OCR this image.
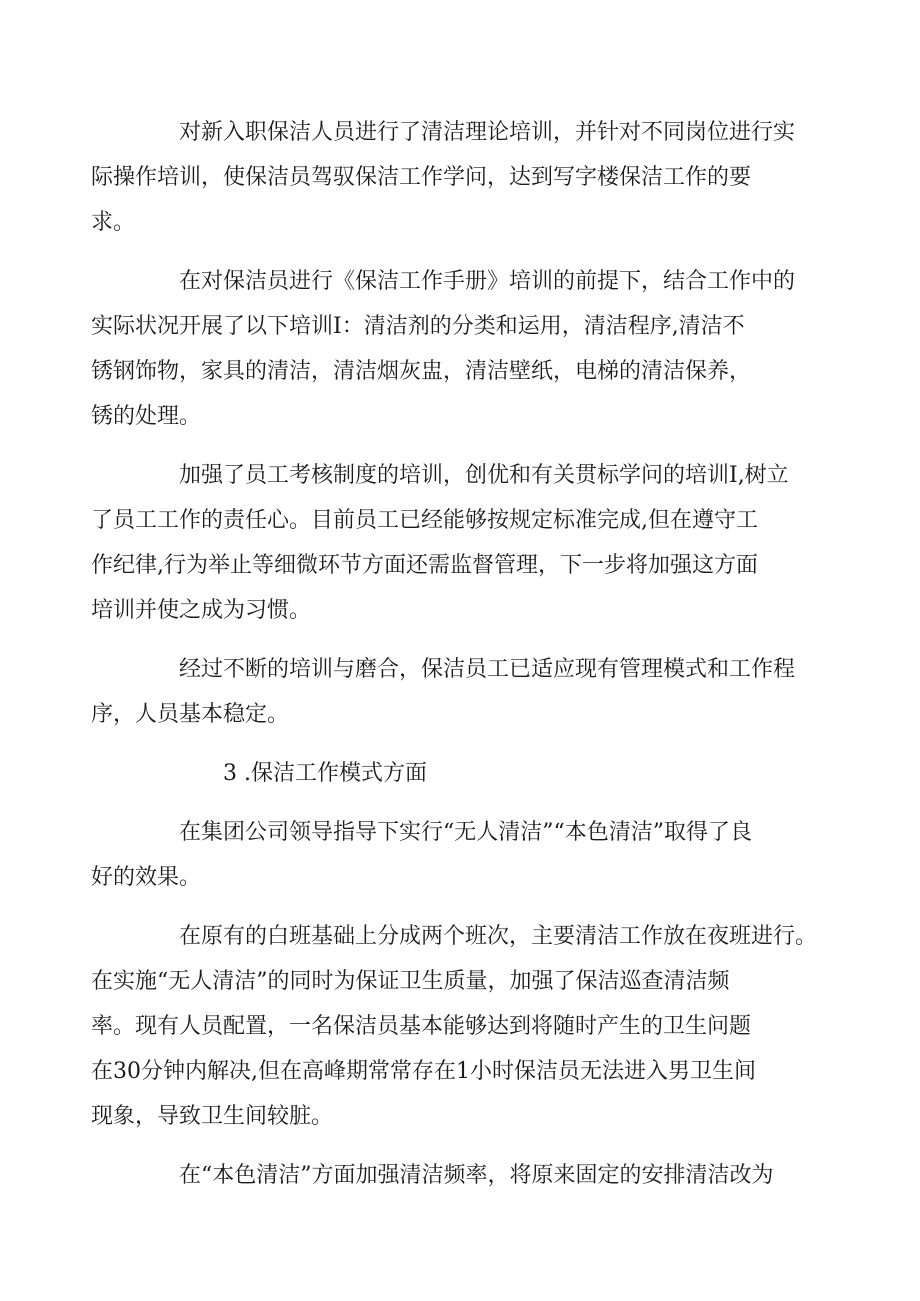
对新入职保洁人员进行了清洁理论培训，并针对不同岗位进行实
际操作培训，使保洁员驾驭保洁工作学问，达到写字楼保洁工作的要
求。

在对保洁员进行《保洁工作手册》培训的前提下，结合工作中的
实际状况开展了以下培训I：清洁剂的分类和运用，清洁程序,清洁不
锈钢饰物，家具的清洁，清洁烟灰盅，清洁壁纸，电梯的清洁保养，
锈的处理。

加强了员工考核制度的培训，创优和有关贯标学问的培训I,树立
了员工工作的责任心。目前员工已经能够按规定标准完成,但在遵守工
作纪律,行为举止等细微环节方面还需监督管理，下一步将加强这方面
培训并使之成为习惯。

经过不断的培训与磨合，保洁员工已适应现有管理模式和工作程
序，人员基本稳定。

3 .保洁工作模式方面

在集团公司领导指导下实行“无人清洁”“本色清洁”取得了良
好的效果。

在原有的白班基础上分成两个班次，主要清洁工作放在夜班进行。
在实施“无人清洁”的同时为保证卫生质量，加强了保洁巡查清洁频
率。现有人员配置，一名保洁员基本能够达到将随时产生的卫生问题
在30分钟内解决,但在高峰期常常存在1小时保洁员无法进入男卫生间
现象，导致卫生间较脏。

在“本色清洁”方面加强清洁频率，将原来固定的安排清洁改为
